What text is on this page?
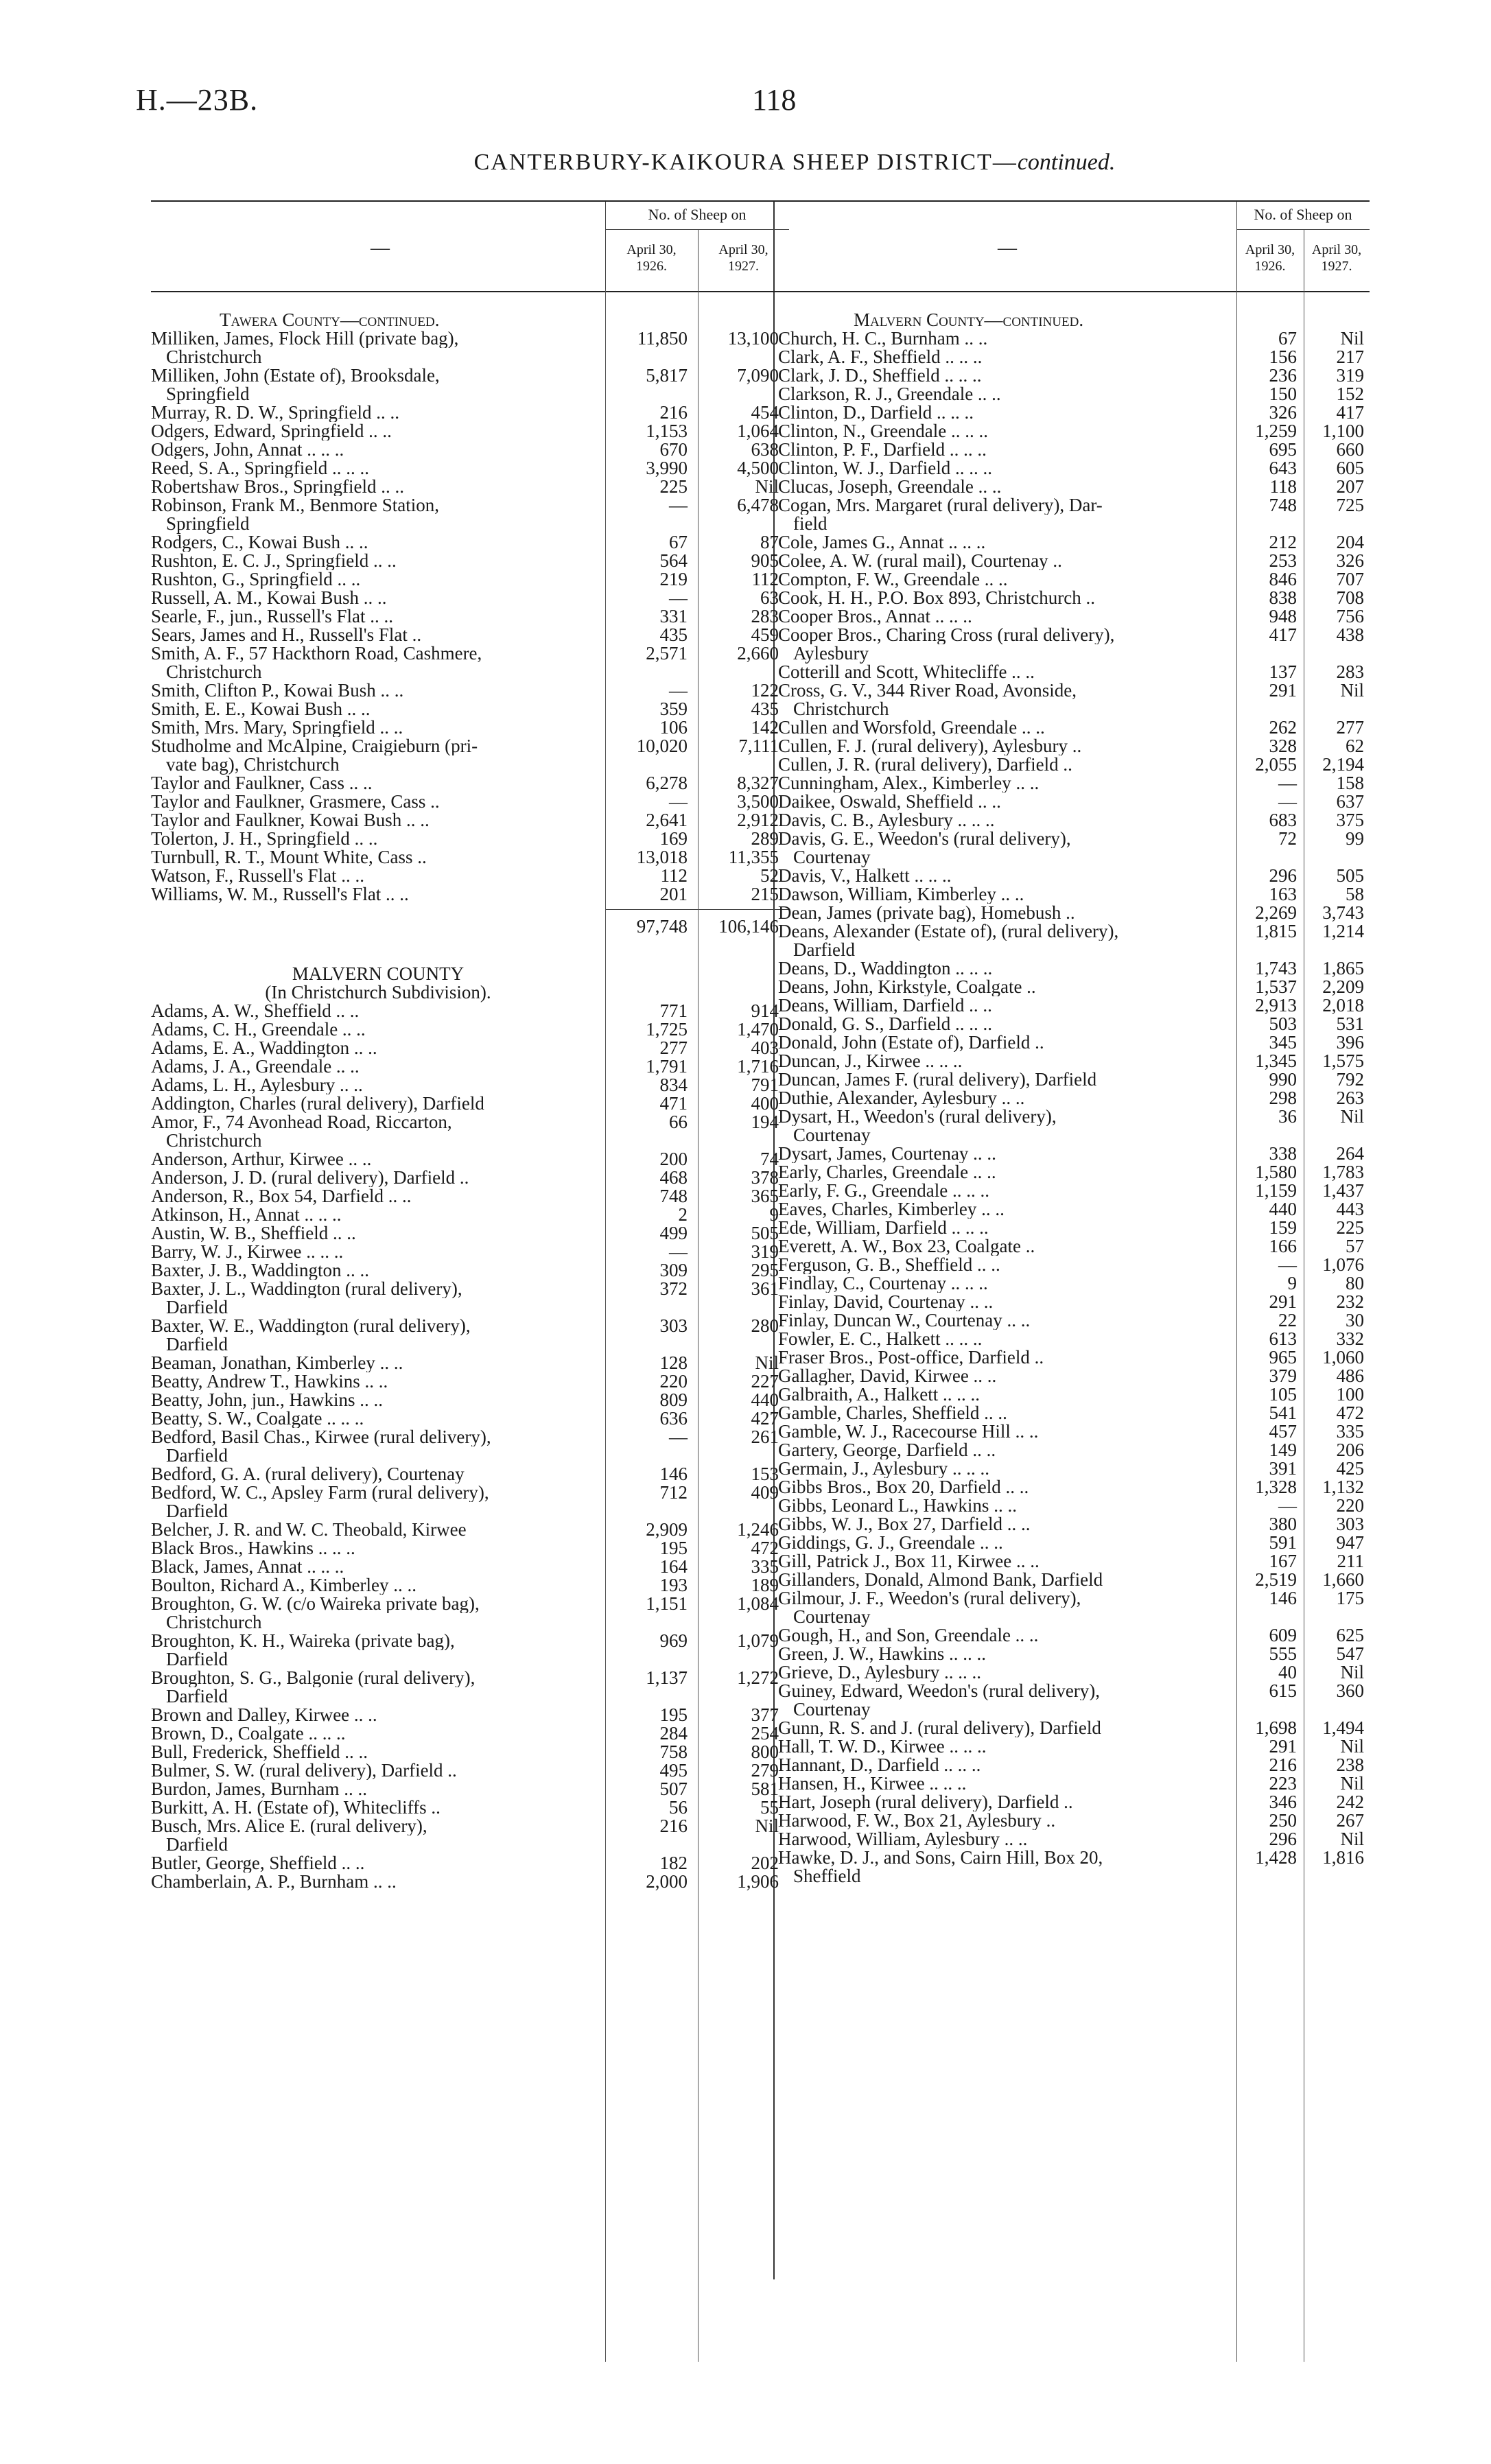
H.—23B.	118
CANTERBURY-KAIKOURA SHEEP DISTRICT—continued.
—
No. of Sheep on
April 30,
1926.
April 30,
1927.
Tawera County—continued.
Milliken, James, Flock Hill (private bag),
Christchurch
11,850	13,100
Milliken, John (Estate of), Brooksdale,
Springfield
5,817	7,090
Murray, R. D. W., Springfield .. ..	216	454
Odgers, Edward, Springfield .. ..	1,153	1,064
Odgers, John, Annat .. .. ..	670	638
Reed, S. A., Springfield .. .. ..	3,990	4,500
Robertshaw Bros., Springfield .. ..	225	Nil
Robinson, Frank M., Benmore Station,
Springfield
—	6,478
Rodgers, C., Kowai Bush .. ..	67	87
Rushton, E. C. J., Springfield .. ..	564	905
Rushton, G., Springfield .. ..	219	112
Russell, A. M., Kowai Bush .. ..	—	63
Searle, F., jun., Russell's Flat .. ..	331	283
Sears, James and H., Russell's Flat ..	435	459
Smith, A. F., 57 Hackthorn Road, Cashmere,
Christchurch
2,571	2,660
Smith, Clifton P., Kowai Bush .. ..	—	122
Smith, E. E., Kowai Bush .. ..	359	435
Smith, Mrs. Mary, Springfield .. ..	106	142
Studholme and McAlpine, Craigieburn (pri-
vate bag), Christchurch
10,020	7,111
Taylor and Faulkner, Cass .. ..	6,278	8,327
Taylor and Faulkner, Grasmere, Cass ..	—	3,500
Taylor and Faulkner, Kowai Bush .. ..	2,641	2,912
Tolerton, J. H., Springfield .. ..	169	289
Turnbull, R. T., Mount White, Cass ..	13,018	11,355
Watson, F., Russell's Flat .. ..	112	52
Williams, W. M., Russell's Flat .. ..	201	215
97,748	106,146
MALVERN COUNTY
(In Christchurch Subdivision).
Adams, A. W., Sheffield .. ..	771	914
Adams, C. H., Greendale .. ..	1,725	1,470
Adams, E. A., Waddington .. ..	277	403
Adams, J. A., Greendale .. ..	1,791	1,716
Adams, L. H., Aylesbury .. ..	834	791
Addington, Charles (rural delivery), Darfield	471	400
Amor, F., 74 Avonhead Road, Riccarton,
Christchurch
66	194
Anderson, Arthur, Kirwee .. ..	200	74
Anderson, J. D. (rural delivery), Darfield ..	468	378
Anderson, R., Box 54, Darfield .. ..	748	365
Atkinson, H., Annat .. .. ..	2	9
Austin, W. B., Sheffield .. ..	499	505
Barry, W. J., Kirwee .. .. ..	—	319
Baxter, J. B., Waddington .. ..	309	295
Baxter, J. L., Waddington (rural delivery),
Darfield
372	361
Baxter, W. E., Waddington (rural delivery),
Darfield
303	280
Beaman, Jonathan, Kimberley .. ..	128	Nil
Beatty, Andrew T., Hawkins .. ..	220	227
Beatty, John, jun., Hawkins .. ..	809	440
Beatty, S. W., Coalgate .. .. ..	636	427
Bedford, Basil Chas., Kirwee (rural delivery),
Darfield
—	261
Bedford, G. A. (rural delivery), Courtenay	146	153
Bedford, W. C., Apsley Farm (rural delivery),
Darfield
712	409
Belcher, J. R. and W. C. Theobald, Kirwee	2,909	1,246
Black Bros., Hawkins .. .. ..	195	472
Black, James, Annat .. .. ..	164	335
Boulton, Richard A., Kimberley .. ..	193	189
Broughton, G. W. (c/o Waireka private bag),
Christchurch
1,151	1,084
Broughton, K. H., Waireka (private bag),
Darfield
969	1,079
Broughton, S. G., Balgonie (rural delivery),
Darfield
1,137	1,272
Brown and Dalley, Kirwee .. ..	195	377
Brown, D., Coalgate .. .. ..	284	254
Bull, Frederick, Sheffield .. ..	758	800
Bulmer, S. W. (rural delivery), Darfield ..	495	279
Burdon, James, Burnham .. ..	507	581
Burkitt, A. H. (Estate of), Whitecliffs ..	56	55
Busch, Mrs. Alice E. (rural delivery),
Darfield
216	Nil
Butler, George, Sheffield .. ..	182	202
Chamberlain, A. P., Burnham .. ..	2,000	1,906
—
No. of Sheep on
April 30,
1926.
April 30,
1927.
Malvern County—continued.
Church, H. C., Burnham .. ..	67	Nil
Clark, A. F., Sheffield .. .. ..	156	217
Clark, J. D., Sheffield .. .. ..	236	319
Clarkson, R. J., Greendale .. ..	150	152
Clinton, D., Darfield .. .. ..	326	417
Clinton, N., Greendale .. .. ..	1,259	1,100
Clinton, P. F., Darfield .. .. ..	695	660
Clinton, W. J., Darfield .. .. ..	643	605
Clucas, Joseph, Greendale .. ..	118	207
Cogan, Mrs. Margaret (rural delivery), Dar-
field
748	725
Cole, James G., Annat .. .. ..	212	204
Colee, A. W. (rural mail), Courtenay ..	253	326
Compton, F. W., Greendale .. ..	846	707
Cook, H. H., P.O. Box 893, Christchurch ..	838	708
Cooper Bros., Annat .. .. ..	948	756
Cooper Bros., Charing Cross (rural delivery),
Aylesbury
417	438
Cotterill and Scott, Whitecliffe .. ..	137	283
Cross, G. V., 344 River Road, Avonside,
Christchurch
291	Nil
Cullen and Worsfold, Greendale .. ..	262	277
Cullen, F. J. (rural delivery), Aylesbury ..	328	62
Cullen, J. R. (rural delivery), Darfield ..	2,055	2,194
Cunningham, Alex., Kimberley .. ..	—	158
Daikee, Oswald, Sheffield .. ..	—	637
Davis, C. B., Aylesbury .. .. ..	683	375
Davis, G. E., Weedon's (rural delivery),
Courtenay
72	99
Davis, V., Halkett .. .. ..	296	505
Dawson, William, Kimberley .. ..	163	58
Dean, James (private bag), Homebush ..	2,269	3,743
Deans, Alexander (Estate of), (rural delivery),
Darfield
1,815	1,214
Deans, D., Waddington .. .. ..	1,743	1,865
Deans, John, Kirkstyle, Coalgate ..	1,537	2,209
Deans, William, Darfield .. ..	2,913	2,018
Donald, G. S., Darfield .. .. ..	503	531
Donald, John (Estate of), Darfield ..	345	396
Duncan, J., Kirwee .. .. ..	1,345	1,575
Duncan, James F. (rural delivery), Darfield	990	792
Duthie, Alexander, Aylesbury .. ..	298	263
Dysart, H., Weedon's (rural delivery),
Courtenay
36	Nil
Dysart, James, Courtenay .. ..	338	264
Early, Charles, Greendale .. ..	1,580	1,783
Early, F. G., Greendale .. .. ..	1,159	1,437
Eaves, Charles, Kimberley .. ..	440	443
Ede, William, Darfield .. .. ..	159	225
Everett, A. W., Box 23, Coalgate ..	166	57
Ferguson, G. B., Sheffield .. ..	—	1,076
Findlay, C., Courtenay .. .. ..	9	80
Finlay, David, Courtenay .. ..	291	232
Finlay, Duncan W., Courtenay .. ..	22	30
Fowler, E. C., Halkett .. .. ..	613	332
Fraser Bros., Post-office, Darfield ..	965	1,060
Gallagher, David, Kirwee .. ..	379	486
Galbraith, A., Halkett .. .. ..	105	100
Gamble, Charles, Sheffield .. ..	541	472
Gamble, W. J., Racecourse Hill .. ..	457	335
Gartery, George, Darfield .. ..	149	206
Germain, J., Aylesbury .. .. ..	391	425
Gibbs Bros., Box 20, Darfield .. ..	1,328	1,132
Gibbs, Leonard L., Hawkins .. ..	—	220
Gibbs, W. J., Box 27, Darfield .. ..	380	303
Giddings, G. J., Greendale .. ..	591	947
Gill, Patrick J., Box 11, Kirwee .. ..	167	211
Gillanders, Donald, Almond Bank, Darfield	2,519	1,660
Gilmour, J. F., Weedon's (rural delivery),
Courtenay
146	175
Gough, H., and Son, Greendale .. ..	609	625
Green, J. W., Hawkins .. .. ..	555	547
Grieve, D., Aylesbury .. .. ..	40	Nil
Guiney, Edward, Weedon's (rural delivery),
Courtenay
615	360
Gunn, R. S. and J. (rural delivery), Darfield	1,698	1,494
Hall, T. W. D., Kirwee .. .. ..	291	Nil
Hannant, D., Darfield .. .. ..	216	238
Hansen, H., Kirwee .. .. ..	223	Nil
Hart, Joseph (rural delivery), Darfield ..	346	242
Harwood, F. W., Box 21, Aylesbury ..	250	267
Harwood, William, Aylesbury .. ..	296	Nil
Hawke, D. J., and Sons, Cairn Hill, Box 20,
Sheffield
1,428	1,816
